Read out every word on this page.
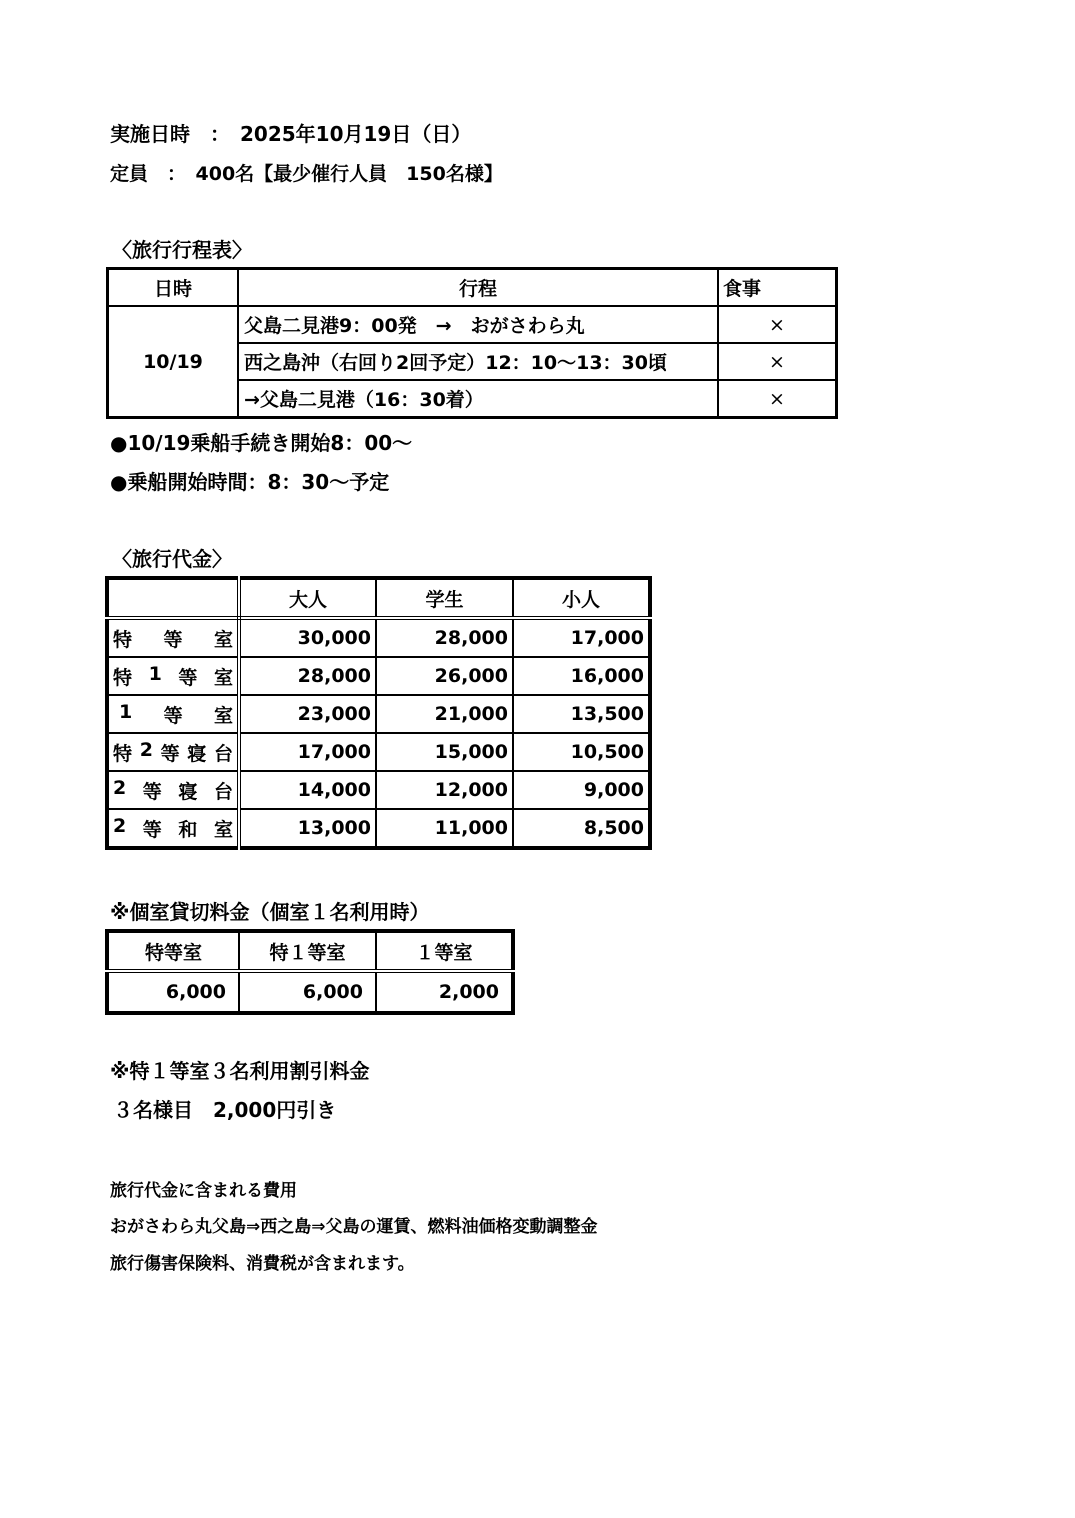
実施日時　：　2025年10月19日（日）
定員　：　400名【最少催行人員　150名様】
〈旅行行程表〉
日時	行程	食事
10/19	父島二見港9：00発　→　おがさわら丸	×
	西之島沖（右回り2回予定）12：10～13：30頃	×
	→父島二見港（16：30着）	×
●10/19乗船手続き開始8：00～
●乗船開始時間：8：30～予定
〈旅行代金〉
	大人	学生	小人

特 等 室	30,000	28,000	17,000

特 1 等 室	28,000	26,000	16,000

1 等 室	23,000	21,000	13,500

特 2 等 寝 台	17,000	15,000	10,500

2 等 寝 台	14,000	12,000	9,000

2 等 和 室	13,000	11,000	8,500
※個室貸切料金（個室１名利用時）
特等室	特１等室	１等室
6,000	6,000	2,000
※特１等室３名利用割引料金
３名様目　2,000円引き
旅行代金に含まれる費用
おがさわら丸父島⇒西之島⇒父島の運賃、燃料油価格変動調整金
旅行傷害保険料、消費税が含まれます。
